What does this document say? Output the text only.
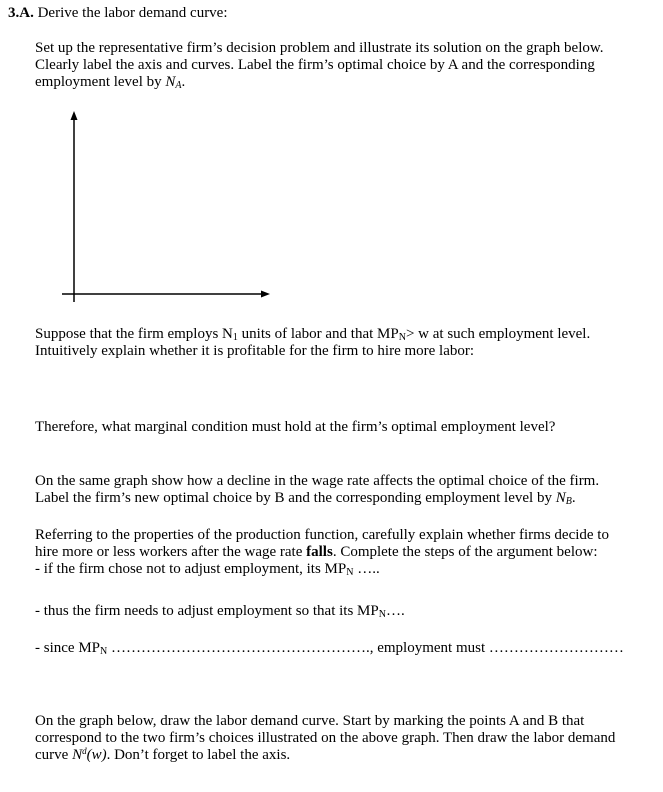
3.A. Derive the labor demand curve:
Set up the representative firm’s decision problem and illustrate its solution on the graph below.
Clearly label the axis and curves. Label the firm’s optimal choice by A and the corresponding
employment level by $N_A$.
Suppose that the firm employs $N_1$ units of labor and that $MP_N> w$ at such employment level.
Intuitively explain whether it is profitable for the firm to hire more labor:
Therefore, what marginal condition must hold at the firm’s optimal employment level?
On the same graph show how a decline in the wage rate affects the optimal choice of the firm.
Label the firm’s new optimal choice by B and the corresponding employment level by $N_B$.
Referring to the properties of the production function, carefully explain whether firms decide to
hire more or less workers after the wage rate falls. Complete the steps of the argument below:
- if the firm chose not to adjust employment, its $MP_N$ …..
- thus the firm needs to adjust employment so that its $MP_N\dots$.
- since $MP_N$ ……………………………………………., employment must ………………………
On the graph below, draw the labor demand curve. Start by marking the points A and B that
correspond to the two firm’s choices illustrated on the above graph. Then draw the labor demand
curve $N^d(w)$. Don’t forget to label the axis.
